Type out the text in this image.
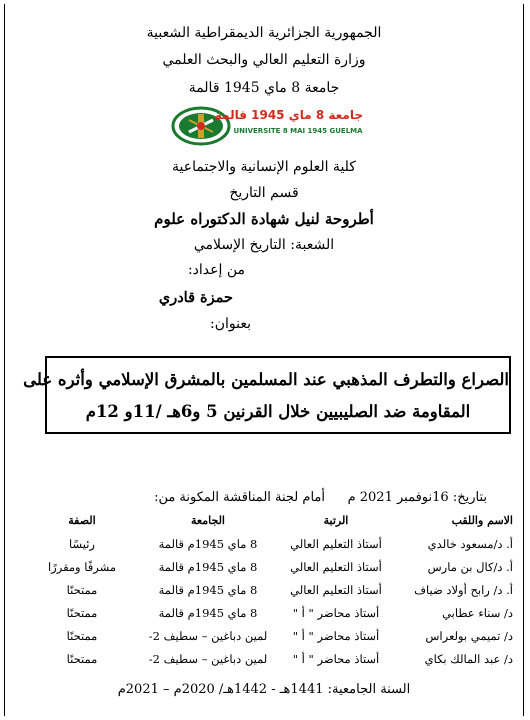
الجمهورية الجزائرية الديمقراطية الشعبية
وزارة التعليم العالي والبحث العلمي
جامعة 8 ماي 1945 قالمة
جامعة 8 ماي 1945 قالمة
UNIVERSITE 8 MAI 1945 GUELMA
كلية العلوم الإنسانية والاجتماعية
قسم التاريخ
أطروحة لنيل شهادة الدكتوراه علوم
الشعبة: التاريخ الإسلامي
من إعداد:
حمزة قادري
بعنوان:
الصراع والتطرف المذهبي عند المسلمين بالمشرق الإسلامي وأثره على
المقاومة ضد الصليبيين خلال القرنين 5 و6هـ /11و 12م
بتاريخ: 16نوفمبر 2021 م
أمام لجنة المناقشة المكونة من:
الاسم واللقب
الرتبة
الجامعة
الصفة
أ. د/مسعود خالدي
أستاذ التعليم العالي
8 ماي 1945م قالمة
رئيسًا
أ. د/كال بن مارس
أستاذ التعليم العالي
8 ماي 1945م قالمة
مشرفًا ومقررًا
أ. د/ رابح أولاد ضياف
أستاذ التعليم العالي
8 ماي 1945م قالمة
ممتحنًا
د/ سناء عطابي
أستاذ محاضر " أ "
8 ماي 1945م قالمة
ممتحنًا
د/ تميمي بولعراس
أستاذ محاضر " أ "
لمين دباغين – سطيف 2-
ممتحنًا
د/ عبد المالك بكاي
أستاذ محاضر " أ "
لمين دباغين – سطيف 2-
ممتحنًا
السنة الجامعية: 1441هـ - 1442هـ/ 2020م – 2021م
